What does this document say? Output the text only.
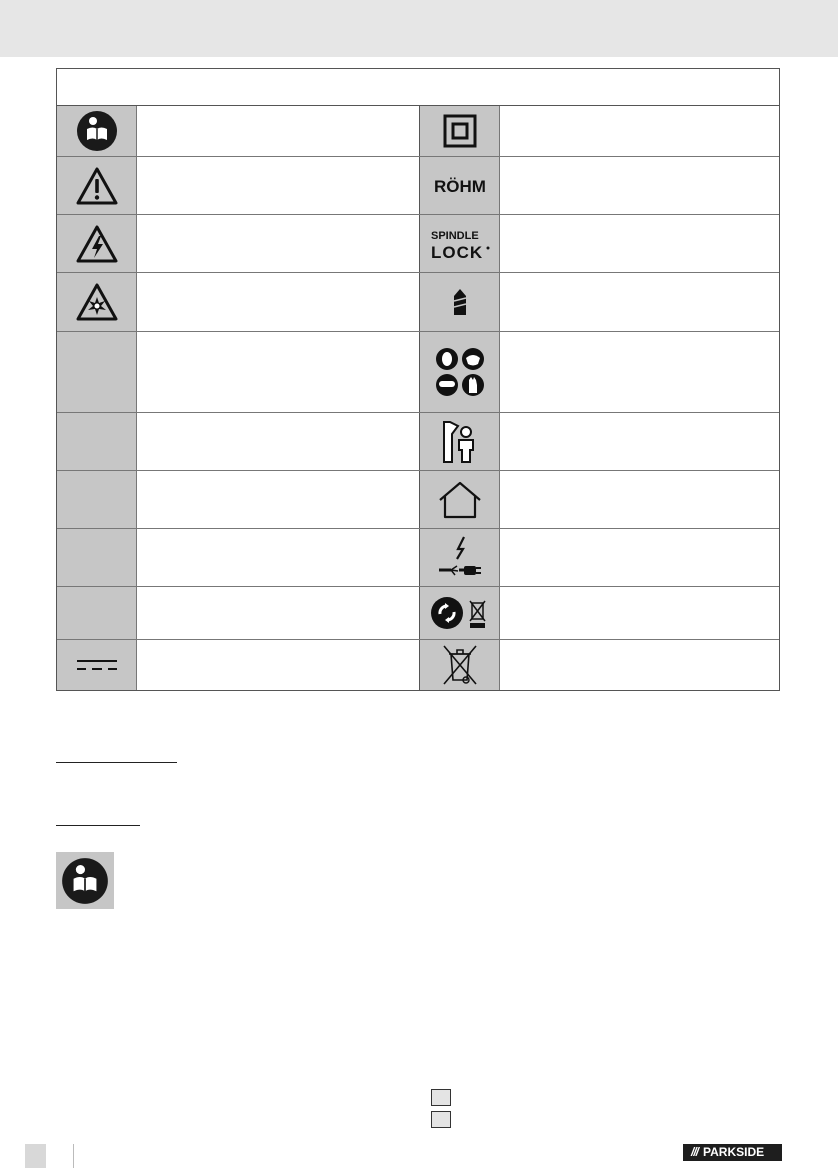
RÖHM
SPINDLE
LOCK
/// PARKSIDE
